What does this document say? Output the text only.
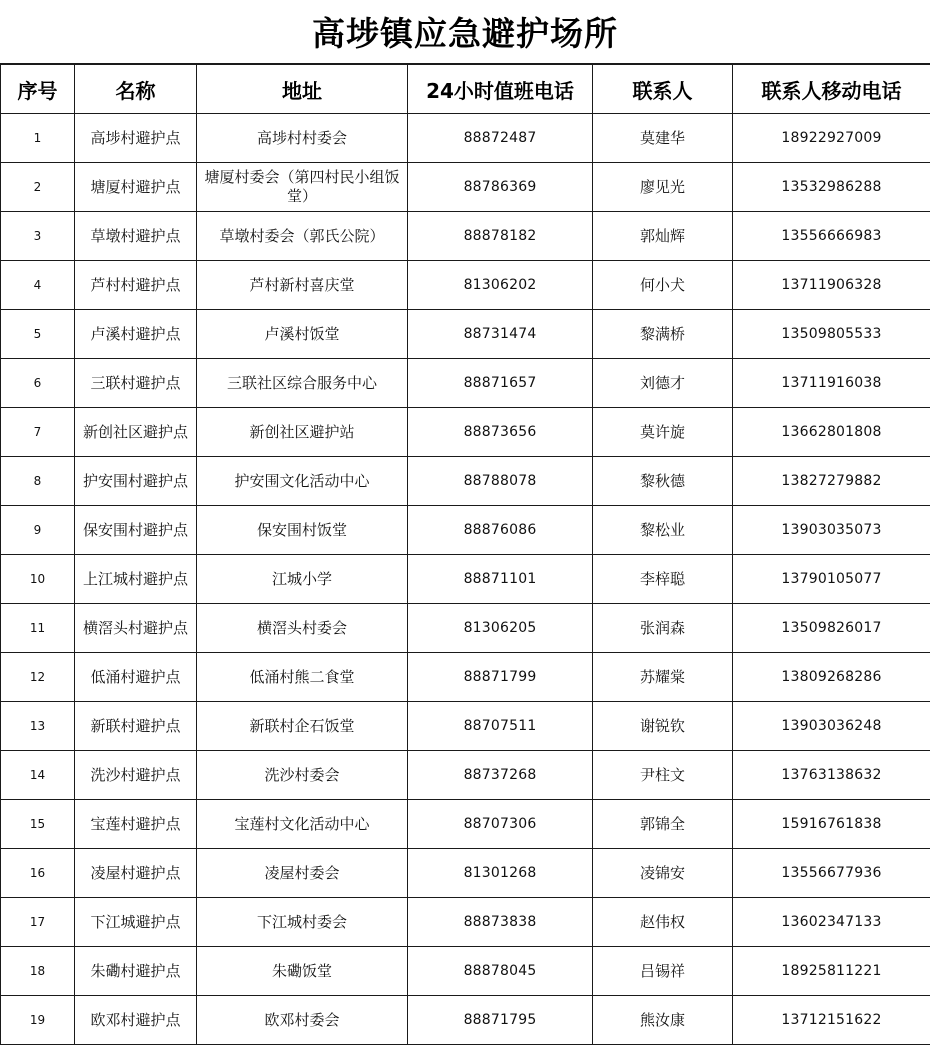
高埗镇应急避护场所
序号	名称	地址	24小时值班电话	联系人	联系人移动电话
1	高埗村避护点	高埗村村委会	88872487	莫建华	18922927009
2	塘厦村避护点	塘厦村委会（第四村民小组饭堂）	88786369	廖见光	13532986288
3	草墩村避护点	草墩村委会（郭氏公院）	88878182	郭灿辉	13556666983
4	芦村村避护点	芦村新村喜庆堂	81306202	何小犬	13711906328
5	卢溪村避护点	卢溪村饭堂	88731474	黎满桥	13509805533
6	三联村避护点	三联社区综合服务中心	88871657	刘德才	13711916038
7	新创社区避护点	新创社区避护站	88873656	莫许旋	13662801808
8	护安围村避护点	护安围文化活动中心	88788078	黎秋德	13827279882
9	保安围村避护点	保安围村饭堂	88876086	黎松业	13903035073
10	上江城村避护点	江城小学	88871101	李梓聪	13790105077
11	横滘头村避护点	横滘头村委会	81306205	张润森	13509826017
12	低涌村避护点	低涌村熊二食堂	88871799	苏耀棠	13809268286
13	新联村避护点	新联村企石饭堂	88707511	谢锐钦	13903036248
14	洗沙村避护点	洗沙村委会	88737268	尹柱文	13763138632
15	宝莲村避护点	宝莲村文化活动中心	88707306	郭锦全	15916761838
16	凌屋村避护点	凌屋村委会	81301268	凌锦安	13556677936
17	下江城避护点	下江城村委会	88873838	赵伟权	13602347133
18	朱磡村避护点	朱磡饭堂	88878045	吕锡祥	18925811221
19	欧邓村避护点	欧邓村委会	88871795	熊汝康	13712151622
